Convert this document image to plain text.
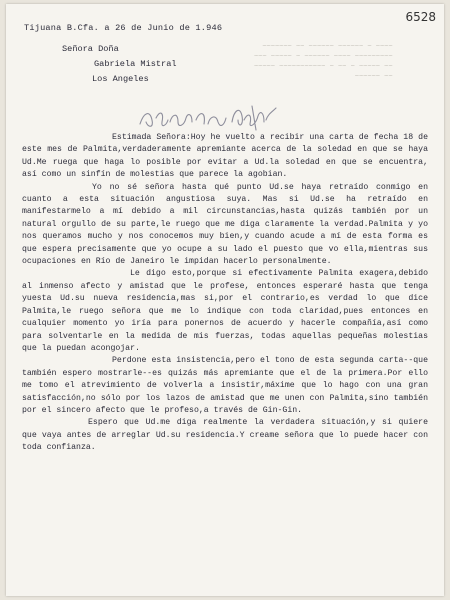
6528
~~~~ ~ ~~~~~~ ~~~~~~ ~~ ~~~~~~~
~~~~~~~~~ ~~~~ ~~~~~~ ~ ~~~~~ ~~~
~~ ~~~~~ ~ ~~ ~ ~~~~~~~~~~~ ~~~~~
~~ ~~~~~~
Tijuana B.Cfa. a 26 de Junio de 1.946
Señora Doña
Gabriela Mistral
Los Angeles

Estimada Señora:Hoy he vuelto a recibir una carta de fecha 18 de este mes de Palmita,verdaderamente apremiante acerca de la soledad en que se haya Ud.Me ruega que haga lo posible por evitar a Ud.la soledad en que se encuentra, así como un sinfín de molestias que parece la agobian.

Yo no sé señora hasta qué punto Ud.se haya retraído conmigo en cuanto a esta situación angustiosa suya. Mas si Ud.se ha retraído en manifestarmelo a mí debido a mil circunstancias,hasta quizás también por un natural orgullo de su parte,le ruego que me diga claramente la verdad.Palmita y yo nos queramos mucho y nos conocemos muy bien,y cuando acude a mí de esta forma es que espera precisamente que yo ocupe a su lado el puesto que vo ella,mientras sus ocupaciones en Río de Janeiro le impidan hacerlo personalmente.

Le digo esto,porque si efectivamente Palmita exagera,debido al inmenso afecto y amistad que le profese, entonces esperaré hasta que tenga yuesta Ud.su nueva residencia,mas si,por el contrario,es verdad lo que dice Palmita,le ruego señora que me lo indique con toda claridad,pues entonces en cualquier momento yo iría para ponernos de acuerdo y hacerle compañía,así como para solventarle en la medida de mis fuerzas, todas aquellas pequeñas molestias que la puedan acongojar.

Perdone esta insistencia,pero el tono de esta segunda carta--que también espero mostrarle--es quizás más apremiante que el de la primera.Por ello me tomo el atrevimiento de volverla a insistir,máxime que lo hago con una gran satisfacción,no sólo por los lazos de amistad que me unen con Palmita,sino también por el sincero afecto que le profeso,a través de Gin-Gin.

Espero que Ud.me diga realmente la verdadera situación,y si quiere que vaya antes de arreglar Ud.su residencia.Y creame señora que lo puede hacer con toda confianza.
